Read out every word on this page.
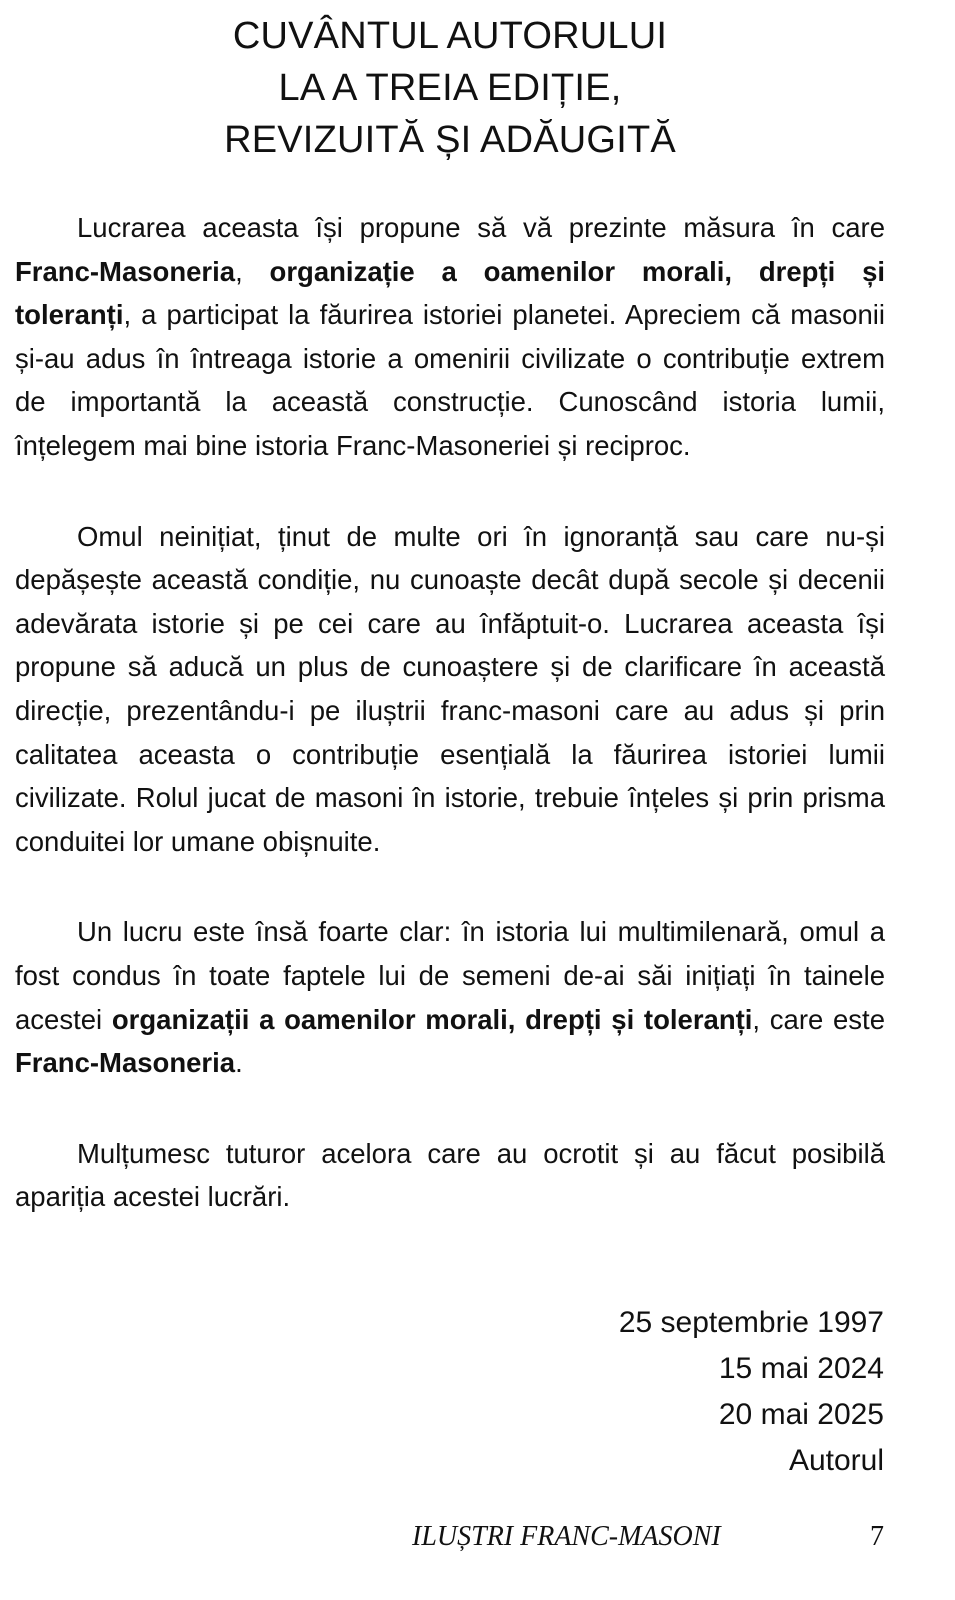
CUVÂNTUL AUTORULUI
LA A TREIA EDIȚIE,
REVIZUITĂ ȘI ADĂUGITĂ

Lucrarea aceasta își propune să vă prezinte măsura în care Franc-Masoneria, organizație a oamenilor morali, drepți și toleranți, a participat la făurirea istoriei planetei. Apreciem că masonii și-au adus în întreaga istorie a omenirii civilizate o contribuție extrem de importantă la această construcție. Cunoscând istoria lumii, înțelegem mai bine istoria Franc-Masoneriei și reciproc.

Omul neinițiat, ținut de multe ori în ignoranță sau care nu-și depășește această condiție, nu cunoaște decât după secole și decenii adevărata istorie și pe cei care au înfăptuit-o. Lucrarea aceasta își propune să aducă un plus de cunoaștere și de clarificare în această direcție, prezentându-i pe iluștrii franc-masoni care au adus și prin calitatea aceasta o contribuție esențială la făurirea istoriei lumii civilizate. Rolul jucat de masoni în istorie, trebuie înțeles și prin prisma conduitei lor umane obișnuite.

Un lucru este însă foarte clar: în istoria lui multimilenară, omul a fost condus în toate faptele lui de semeni de-ai săi inițiați în tainele acestei organizații a oamenilor morali, drepți și toleranți, care este Franc-Masoneria.

Mulțumesc tuturor acelora care au ocrotit și au făcut posibilă apariția acestei lucrări.

25 septembrie 1997
15 mai 2024
20 mai 2025
Autorul
ILUȘTRI FRANC-MASONI	7
